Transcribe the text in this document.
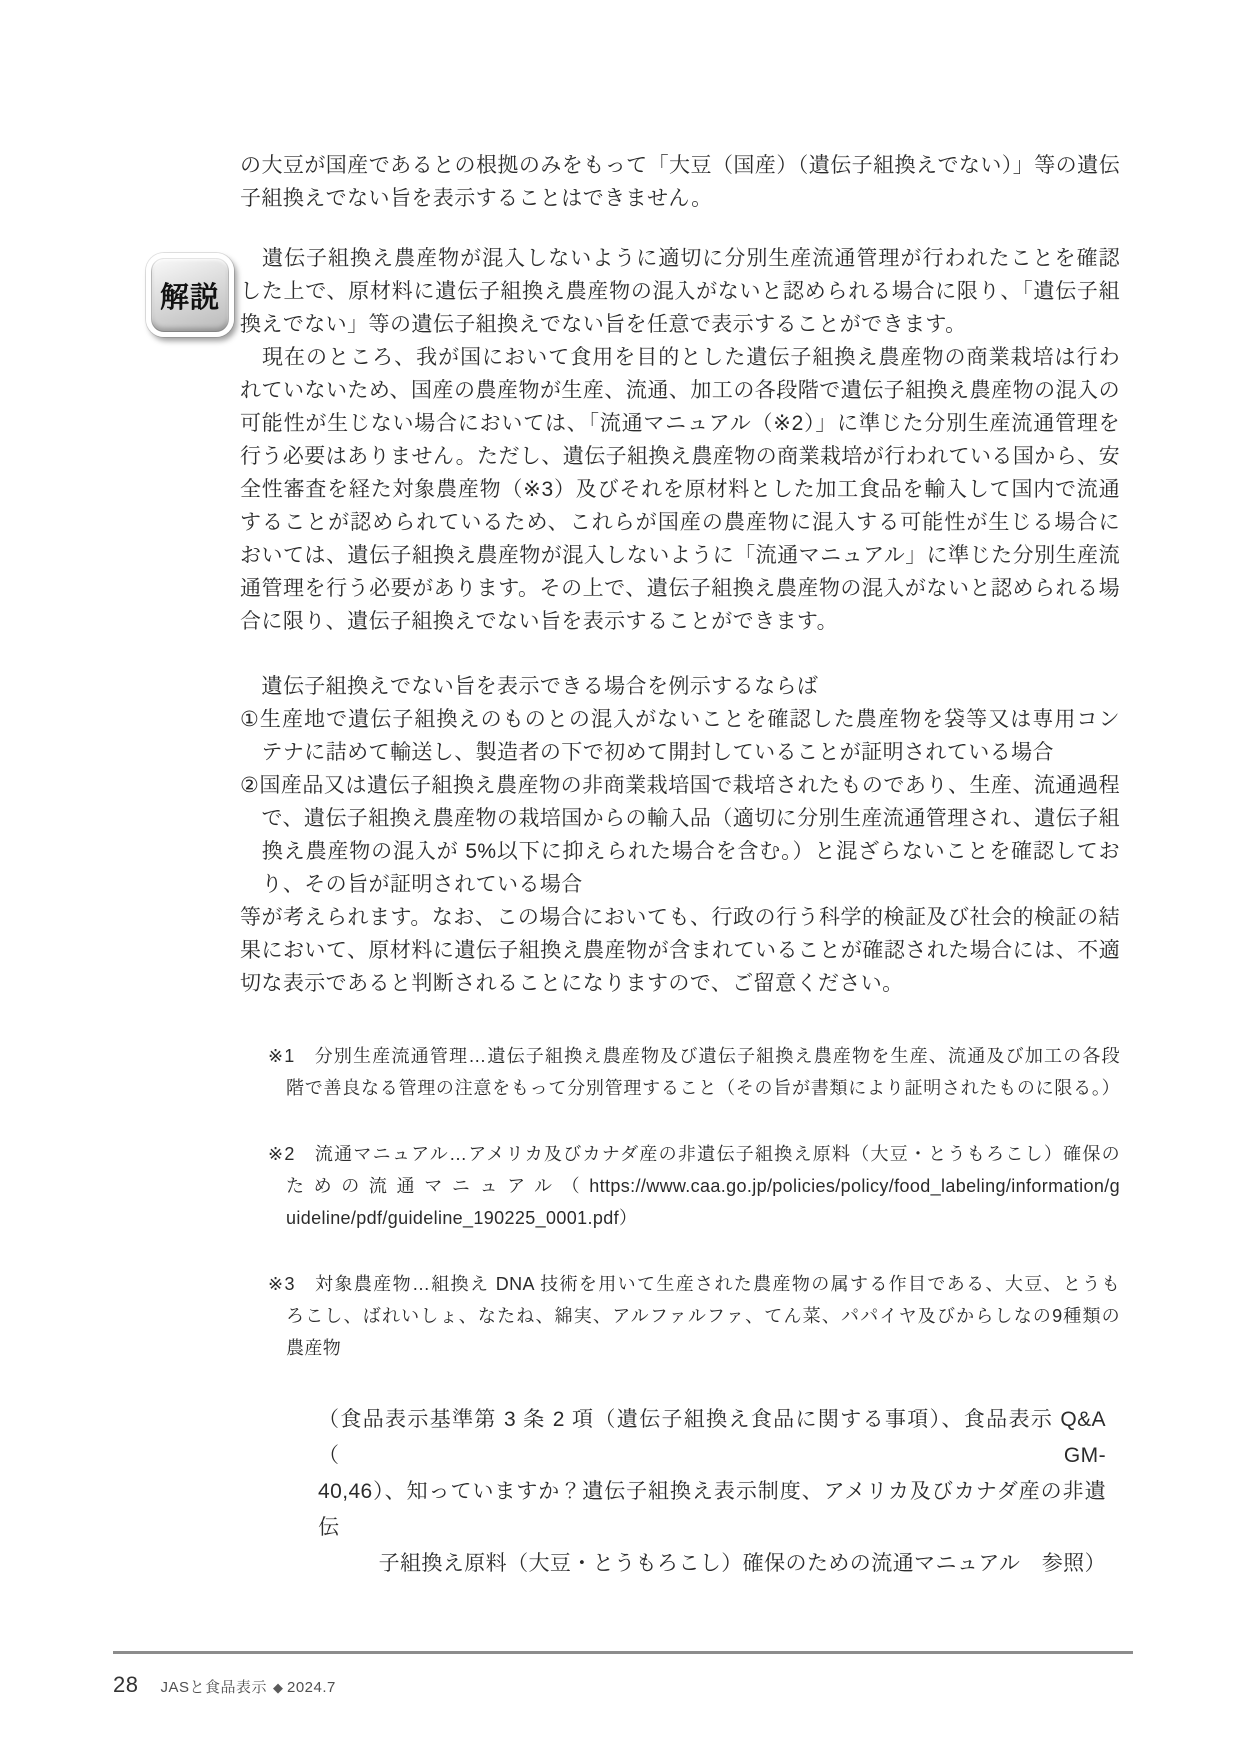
解説
の大豆が国産であるとの根拠のみをもって「大豆（国産）（遺伝子組換えでない）」等の遺伝
子組換えでない旨を表示することはできません。
　遺伝子組換え農産物が混入しないように適切に分別生産流通管理が行われたことを確認
した上で、原材料に遺伝子組換え農産物の混入がないと認められる場合に限り、「遺伝子組
換えでない」等の遺伝子組換えでない旨を任意で表示することができます。
　現在のところ、我が国において食用を目的とした遺伝子組換え農産物の商業栽培は行わ
れていないため、国産の農産物が生産、流通、加工の各段階で遺伝子組換え農産物の混入の
可能性が生じない場合においては、「流通マニュアル（※2）」に準じた分別生産流通管理を
行う必要はありません。ただし、遺伝子組換え農産物の商業栽培が行われている国から、安
全性審査を経た対象農産物（※3）及びそれを原材料とした加工食品を輸入して国内で流通
することが認められているため、これらが国産の農産物に混入する可能性が生じる場合に
おいては、遺伝子組換え農産物が混入しないように「流通マニュアル」に準じた分別生産流
通管理を行う必要があります。その上で、遺伝子組換え農産物の混入がないと認められる場
合に限り、遺伝子組換えでない旨を表示することができます。
　遺伝子組換えでない旨を表示できる場合を例示するならば
①生産地で遺伝子組換えのものとの混入がないことを確認した農産物を袋等又は専用コン
　テナに詰めて輸送し、製造者の下で初めて開封していることが証明されている場合
②国産品又は遺伝子組換え農産物の非商業栽培国で栽培されたものであり、生産、流通過程
　で、遺伝子組換え農産物の栽培国からの輸入品（適切に分別生産流通管理され、遺伝子組
　換え農産物の混入が 5%以下に抑えられた場合を含む。）と混ざらないことを確認してお
　り、その旨が証明されている場合
等が考えられます。なお、この場合においても、行政の行う科学的検証及び社会的検証の結
果において、原材料に遺伝子組換え農産物が含まれていることが確認された場合には、不適
切な表示であると判断されることになりますので、ご留意ください。
※1　分別生産流通管理…遺伝子組換え農産物及び遺伝子組換え農産物を生産、流通及び加工の各段
階で善良なる管理の注意をもって分別管理すること（その旨が書類により証明されたものに限る。）
※2　流通マニュアル…アメリカ及びカナダ産の非遺伝子組換え原料（大豆・とうもろこし）確保の
ための流通マニュアル（https://www.caa.go.jp/policies/policy/food_labeling/information/g
uideline/pdf/guideline_190225_0001.pdf）
※3　対象農産物…組換え DNA 技術を用いて生産された農産物の属する作目である、大豆、とうも
ろこし、ばれいしょ、なたね、綿実、アルファルファ、てん菜、パパイヤ及びからしなの9種類の
農産物
（食品表示基準第 3 条 2 項（遺伝子組換え食品に関する事項）、食品表示 Q&A（GM-
40,46）、知っていますか？遺伝子組換え表示制度、アメリカ及びカナダ産の非遺伝
子組換え原料（大豆・とうもろこし）確保のための流通マニュアル　参照）
28 JASと食品表示 ◆ 2024.7
